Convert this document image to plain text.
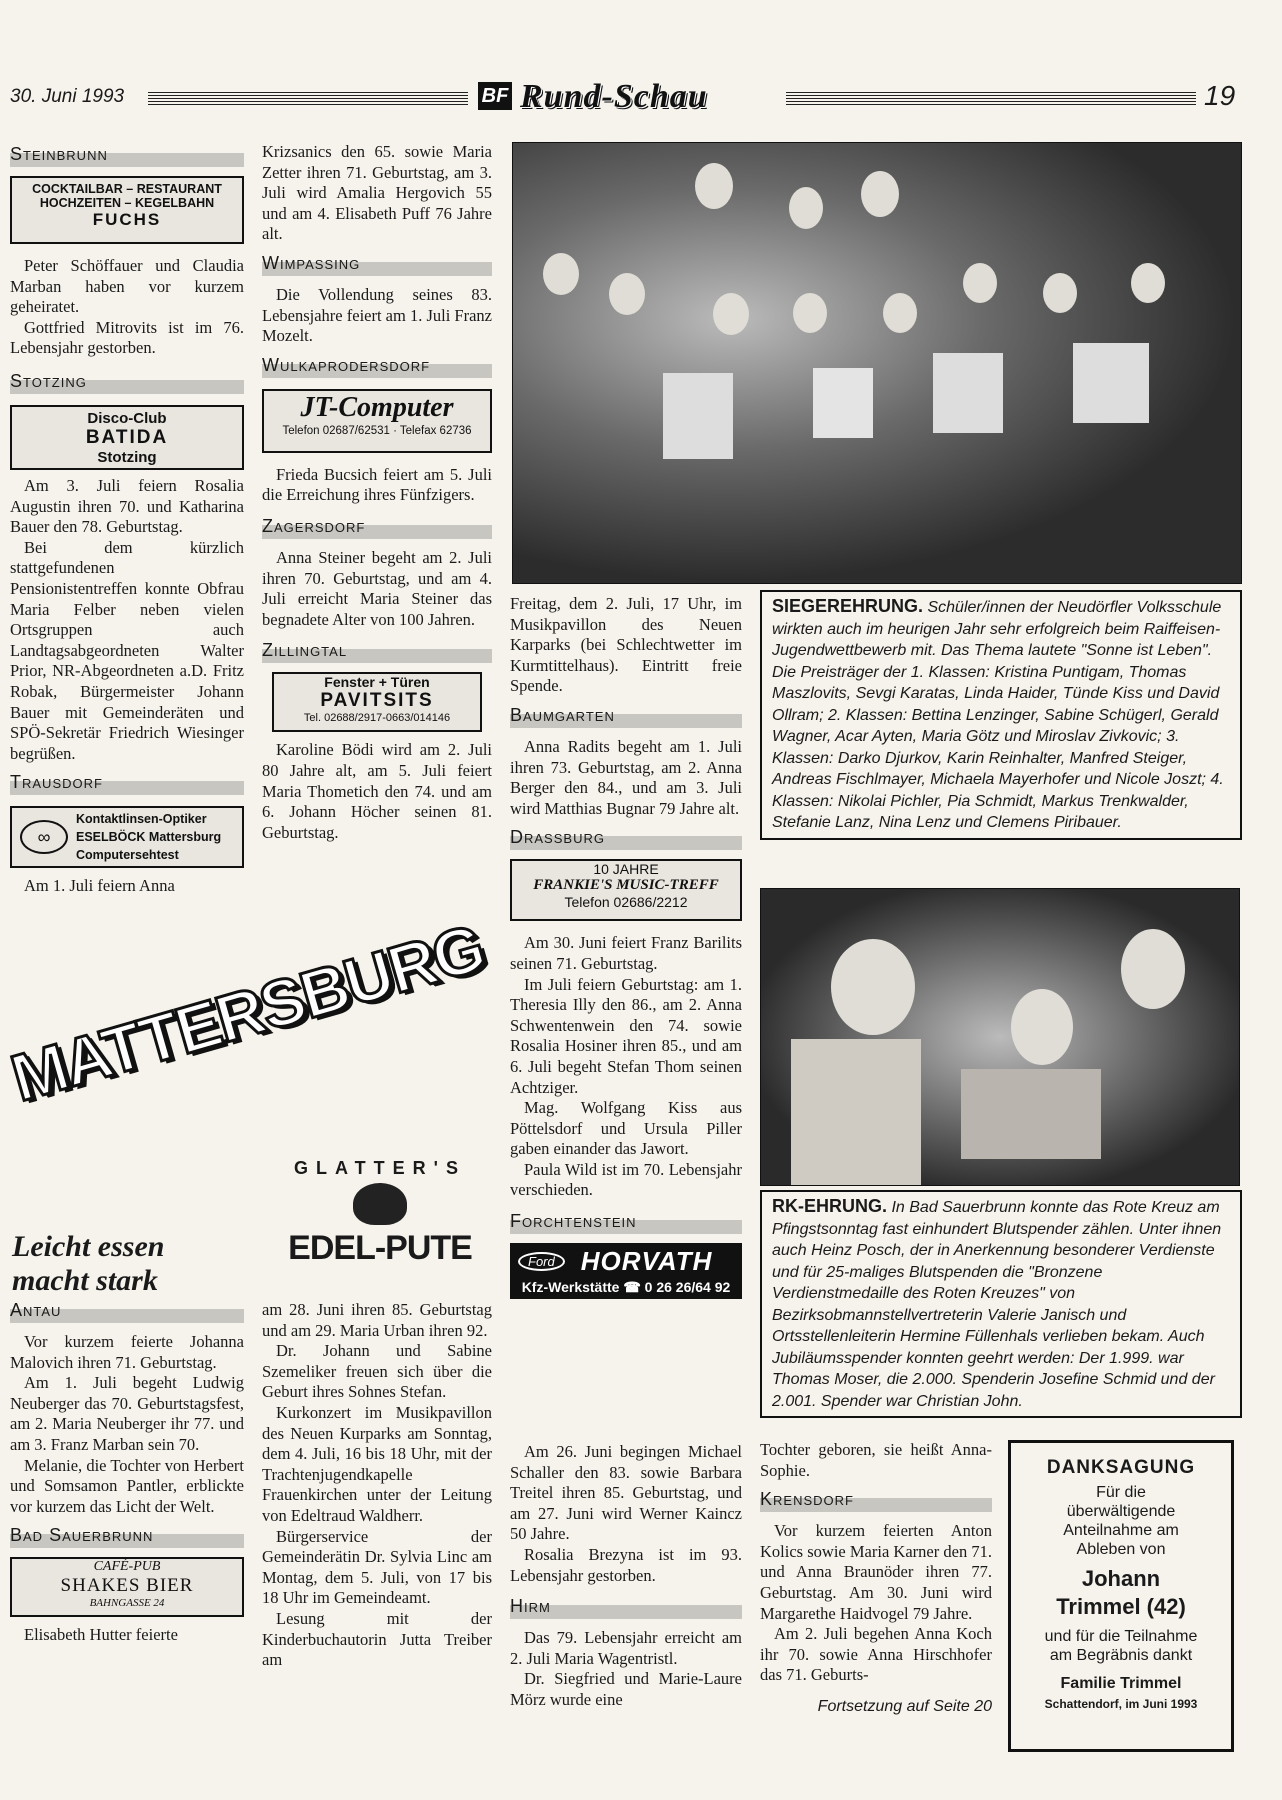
30. Juni 1993	BF Rund-Schau	19
Steinbrunn
COCKTAILBAR – RESTAURANT
HOCHZEITEN – KEGELBAHN
FUCHS

Peter Schöffauer und Claudia Marban haben vor kurzem geheiratet.

Gottfried Mitrovits ist im 76. Lebensjahr gestorben.

Stotzing
Disco-Club
BATIDA
Stotzing

Am 3. Juli feiern Rosalia Augustin ihren 70. und Katharina Bauer den 78. Geburtstag.

Bei dem kürzlich stattgefundenen Pensionistentreffen konnte Obfrau Maria Felber neben vielen Ortsgruppen auch Landtagsabgeordneten Walter Prior, NR-Abgeordneten a.D. Fritz Robak, Bürgermeister Johann Bauer mit Gemeinderäten und SPÖ-Sekretär Friedrich Wiesinger begrüßen.

Trausdorf
∞
Kontaktlinsen-Optiker
ESELBÖCK Mattersburg
Computersehtest

Am 1. Juli feiern Anna

Krizsanics den 65. sowie Maria Zetter ihren 71. Geburtstag, am 3. Juli wird Amalia Hergovich 55 und am 4. Elisabeth Puff 76 Jahre alt.

Wimpassing

Die Vollendung seines 83. Lebensjahre feiert am 1. Juli Franz Mozelt.

Wulkaprodersdorf
JT-Computer
Telefon 02687/62531 · Telefax 62736

Frieda Bucsich feiert am 5. Juli die Erreichung ihres Fünfzigers.

Zagersdorf

Anna Steiner begeht am 2. Juli ihren 70. Geburtstag, und am 4. Juli erreicht Maria Steiner das begnadete Alter von 100 Jahren.

Zillingtal
Fenster + Türen
PAVITSITS
Tel. 02688/2917-0663/014146

Karoline Bödi wird am 2. Juli 80 Jahre alt, am 5. Juli feiert Maria Thometich den 74. und am 6. Johann Höcher seinen 81. Geburtstag.

Freitag, dem 2. Juli, 17 Uhr, im Musikpavillon des Neuen Karparks (bei Schlechtwetter im Kurmtittelhaus). Eintritt freie Spende.

Baumgarten

Anna Radits begeht am 1. Juli ihren 73. Geburtstag, am 2. Anna Berger den 84., und am 3. Juli wird Matthias Bugnar 79 Jahre alt.

Drassburg
10 JAHRE
FRANKIE'S MUSIC-TREFF
Telefon 02686/2212

Am 30. Juni feiert Franz Barilits seinen 71. Geburtstag.

Im Juli feiern Geburtstag: am 1. Theresia Illy den 86., am 2. Anna Schwentenwein den 74. sowie Rosalia Hosiner ihren 85., und am 6. Juli begeht Stefan Thom seinen Achtziger.

Mag. Wolfgang Kiss aus Pöttelsdorf und Ursula Piller gaben einander das Jawort.

Paula Wild ist im 70. Lebensjahr verschieden.

Forchtenstein
Ford	HORVATH
Kfz-Werkstätte ☎ 0 26 26/64 92

Am 26. Juni begingen Michael Schaller den 83. sowie Barbara Treitel ihren 85. Geburtstag, und am 27. Juni wird Werner Kaincz 50 Jahre.

Rosalia Brezyna ist im 93. Lebensjahr gestorben.

Hirm

Das 79. Lebensjahr erreicht am 2. Juli Maria Wagentristl.

Dr. Siegfried und Marie-Laure Mörz wurde eine

SIEGEREHRUNG. Schüler/innen der Neudörfler Volksschule wirkten auch im heurigen Jahr sehr erfolgreich beim Raiffeisen-Jugendwettbewerb mit. Das Thema lautete "Sonne ist Leben". Die Preisträger der 1. Klassen: Kristina Puntigam, Thomas Maszlovits, Sevgi Karatas, Linda Haider, Tünde Kiss und David Ollram; 2. Klassen: Bettina Lenzinger, Sabine Schügerl, Gerald Wagner, Acar Ayten, Maria Götz und Miroslav Zivkovic; 3. Klassen: Darko Djurkov, Karin Reinhalter, Manfred Steiger, Andreas Fischlmayer, Michaela Mayerhofer und Nicole Joszt; 4. Klassen: Nikolai Pichler, Pia Schmidt, Markus Trenkwalder, Stefanie Lanz, Nina Lenz und Clemens Piribauer.
RK-EHRUNG. In Bad Sauerbrunn konnte das Rote Kreuz am Pfingstsonntag fast einhundert Blutspender zählen. Unter ihnen auch Heinz Posch, der in Anerkennung besonderer Verdienste und für 25-maliges Blutspenden die "Bronzene Verdienstmedaille des Roten Kreuzes" von Bezirksobmannstellvertreterin Valerie Janisch und Ortsstellenleiterin Hermine Füllenhals verlieben bekam. Auch Jubiläumsspender konnten geehrt werden: Der 1.999. war Thomas Moser, die 2.000. Spenderin Josefine Schmid und der 2.001. Spender war Christian John.
MATTERSBURG
Leicht essen
macht stark
GLATTER'S
EDEL-PUTE
Antau

Vor kurzem feierte Johanna Malovich ihren 71. Geburtstag.

Am 1. Juli begeht Ludwig Neuberger das 70. Geburtstagsfest, am 2. Maria Neuberger ihr 77. und am 3. Franz Marban sein 70.

Melanie, die Tochter von Herbert und Somsamon Pantler, erblickte vor kurzem das Licht der Welt.

Bad Sauerbrunn
CAFÉ-PUB
SHAKES BIER
BAHNGASSE 24

Elisabeth Hutter feierte

am 28. Juni ihren 85. Geburtstag und am 29. Maria Urban ihren 92.

Dr. Johann und Sabine Szemeliker freuen sich über die Geburt ihres Sohnes Stefan.

Kurkonzert im Musikpavillon des Neuen Kurparks am Sonntag, dem 4. Juli, 16 bis 18 Uhr, mit der Trachtenjugendkapelle Frauenkirchen unter der Leitung von Edeltraud Waldherr.

Bürgerservice der Gemeinderätin Dr. Sylvia Linc am Montag, dem 5. Juli, von 17 bis 18 Uhr im Gemeindeamt.

Lesung mit der Kinderbuchautorin Jutta Treiber am

Tochter geboren, sie heißt Anna-Sophie.

Krensdorf

Vor kurzem feierten Anton Kolics sowie Maria Karner den 71. und Anna Braunöder ihren 77. Geburtstag. Am 30. Juni wird Margarethe Haidvogel 79 Jahre.

Am 2. Juli begehen Anna Koch ihr 70. sowie Anna Hirschhofer das 71. Geburts-

Fortsetzung auf Seite 20
DANKSAGUNG
Für die
überwältigende
Anteilnahme am
Ableben von
Johann
Trimmel (42)
und für die Teilnahme
am Begräbnis dankt
Familie Trimmel
Schattendorf, im Juni 1993
